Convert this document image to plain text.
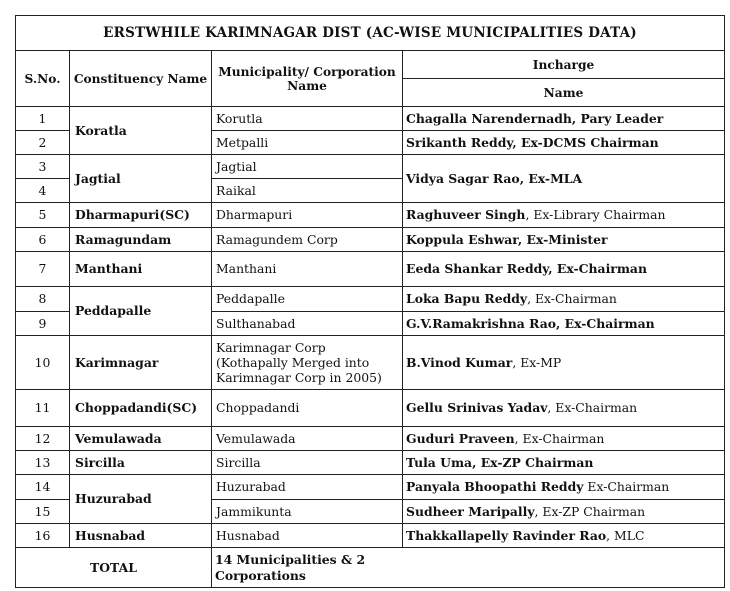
ERSTWHILE KARIMNAGAR DIST (AC-WISE MUNICIPALITIES DATA)			
S.No.	Constituency Name	Municipality/ Corporation Name	Incharge
			Name
1	Koratla	Korutla	Chagalla Narendernadh, Pary Leader
2		Metpalli	Srikanth Reddy, Ex-DCMS Chairman
3	Jagtial	Jagtial	Vidya Sagar Rao, Ex-MLA
4		Raikal	
5	Dharmapuri(SC)	Dharmapuri	Raghuveer Singh, Ex-Library Chairman
6	Ramagundam	Ramagundem Corp	Koppula Eshwar, Ex-Minister
7	Manthani	Manthani	Eeda Shankar Reddy, Ex-Chairman
8	Peddapalle	Peddapalle	Loka Bapu Reddy, Ex-Chairman
9		Sulthanabad	G.V.Ramakrishna Rao, Ex-Chairman
10	Karimnagar	Karimnagar Corp (Kothapally Merged into Karimnagar Corp in 2005)	B.Vinod Kumar, Ex-MP
11	Choppadandi(SC)	Choppadandi	Gellu Srinivas Yadav, Ex-Chairman
12	Vemulawada	Vemulawada	Guduri Praveen, Ex-Chairman
13	Sircilla	Sircilla	Tula Uma, Ex-ZP Chairman
14	Huzurabad	Huzurabad	Panyala Bhoopathi Reddy Ex-Chairman
15		Jammikunta	Sudheer Maripally, Ex-ZP Chairman
16	Husnabad	Husnabad	Thakkallapelly Ravinder Rao, MLC
TOTAL		14 Municipalities & 2 Corporations	
